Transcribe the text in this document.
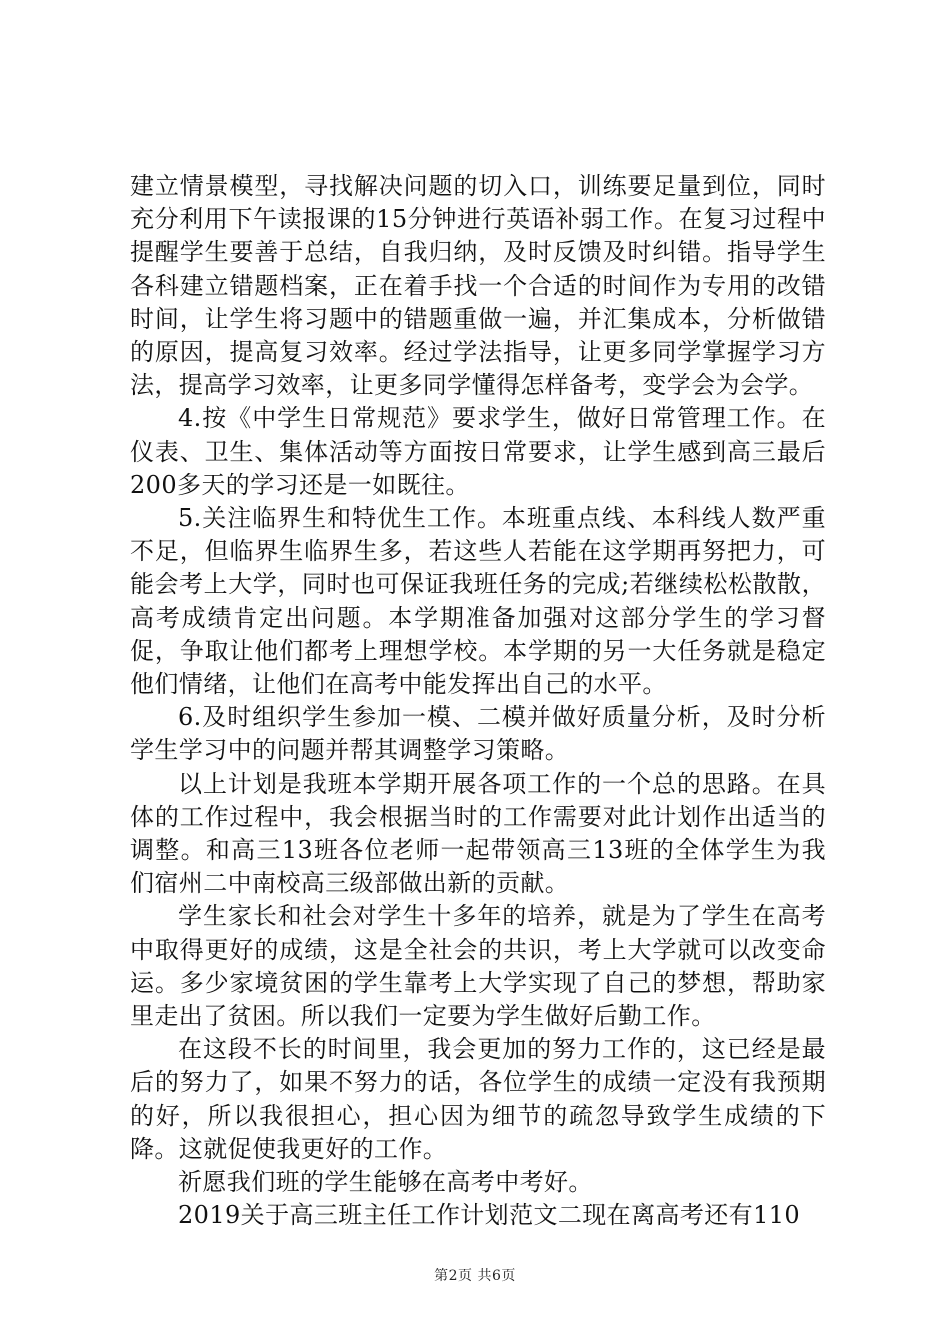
建立情景模型，寻找解决问题的切入口，训练要足量到位，同时充分利用下午读报课的15分钟进行英语补弱工作。在复习过程中提醒学生要善于总结，自我归纳，及时反馈及时纠错。指导学生各科建立错题档案，正在着手找一个合适的时间作为专用的改错时间，让学生将习题中的错题重做一遍，并汇集成本，分析做错的原因，提高复习效率。经过学法指导，让更多同学掌握学习方法，提高学习效率，让更多同学懂得怎样备考，变学会为会学。

4.按《中学生日常规范》要求学生，做好日常管理工作。在仪表、卫生、集体活动等方面按日常要求，让学生感到高三最后200多天的学习还是一如既往。

5.关注临界生和特优生工作。本班重点线、本科线人数严重不足，但临界生临界生多，若这些人若能在这学期再努把力，可能会考上大学，同时也可保证我班任务的完成;若继续松松散散，高考成绩肯定出问题。本学期准备加强对这部分学生的学习督促，争取让他们都考上理想学校。本学期的另一大任务就是稳定他们情绪，让他们在高考中能发挥出自己的水平。

6.及时组织学生参加一模、二模并做好质量分析，及时分析学生学习中的问题并帮其调整学习策略。

以上计划是我班本学期开展各项工作的一个总的思路。在具体的工作过程中，我会根据当时的工作需要对此计划作出适当的调整。和高三13班各位老师一起带领高三13班的全体学生为我们宿州二中南校高三级部做出新的贡献。

学生家长和社会对学生十多年的培养，就是为了学生在高考中取得更好的成绩，这是全社会的共识，考上大学就可以改变命运。多少家境贫困的学生靠考上大学实现了自己的梦想，帮助家里走出了贫困。所以我们一定要为学生做好后勤工作。

在这段不长的时间里，我会更加的努力工作的，这已经是最后的努力了，如果不努力的话，各位学生的成绩一定没有我预期的好，所以我很担心，担心因为细节的疏忽导致学生成绩的下降。这就促使我更好的工作。

祈愿我们班的学生能够在高考中考好。

2019关于高三班主任工作计划范文二现在离高考还有110

第2页 共6页
